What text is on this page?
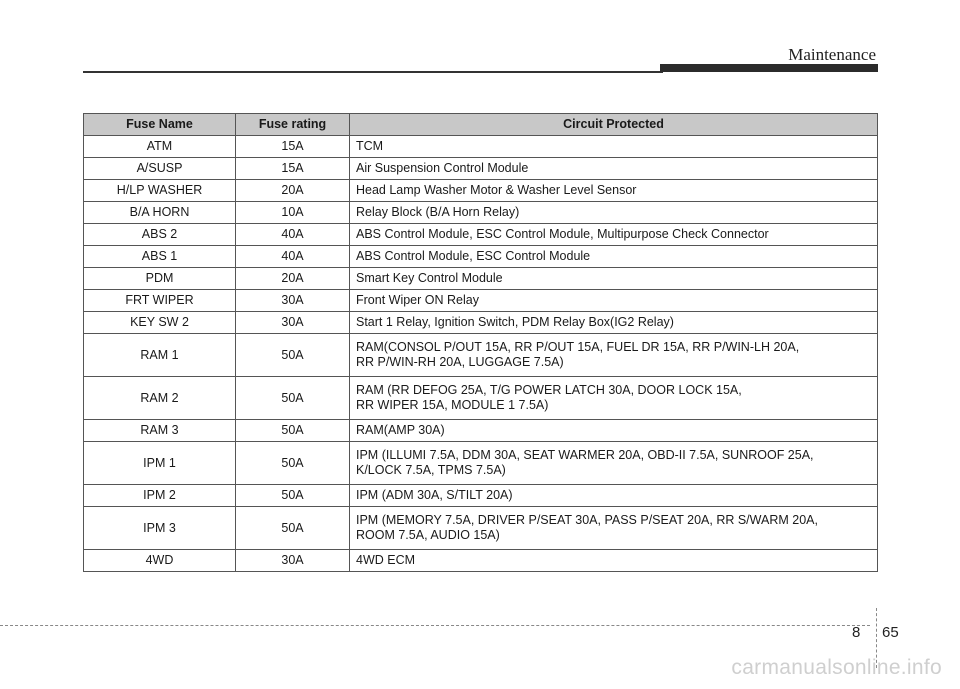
Maintenance
Fuse Name	Fuse rating	Circuit Protected
ATM	15A	TCM
A/SUSP	15A	Air Suspension Control Module
H/LP WASHER	20A	Head Lamp Washer Motor & Washer Level Sensor
B/A HORN	10A	Relay Block (B/A Horn Relay)
ABS 2	40A	ABS Control Module, ESC Control Module, Multipurpose Check Connector
ABS 1	40A	ABS Control Module, ESC Control Module
PDM	20A	Smart Key Control Module
FRT WIPER	30A	Front Wiper ON Relay
KEY SW 2	30A	Start 1 Relay, Ignition Switch, PDM Relay Box(IG2 Relay)
RAM 1	50A	RAM(CONSOL P/OUT 15A, RR P/OUT 15A, FUEL DR 15A, RR P/WIN-LH 20A,
RR P/WIN-RH 20A, LUGGAGE 7.5A)

RAM 2	50A	RAM (RR DEFOG 25A, T/G POWER LATCH 30A, DOOR LOCK 15A,
RR WIPER 15A, MODULE 1 7.5A)

RAM 3	50A	RAM(AMP 30A)
IPM 1	50A	IPM (ILLUMI 7.5A, DDM 30A, SEAT WARMER 20A, OBD-II 7.5A, SUNROOF 25A,
K/LOCK 7.5A, TPMS 7.5A)

IPM 2	50A	IPM (ADM 30A, S/TILT 20A)
IPM 3	50A	IPM (MEMORY 7.5A, DRIVER P/SEAT 30A, PASS P/SEAT 20A, RR S/WARM 20A,
ROOM 7.5A, AUDIO 15A)

4WD	30A	4WD ECM
8 65
carmanualsonline.info
